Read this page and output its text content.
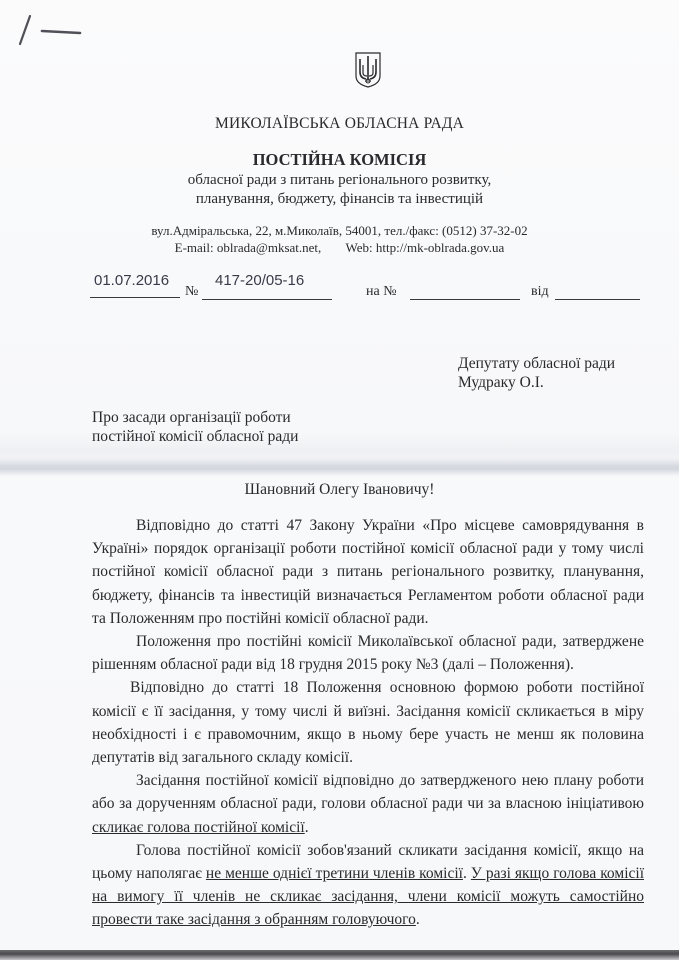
МИКОЛАЇВСЬКА ОБЛАСНА РАДА
ПОСТІЙНА КОМІСІЯ
обласної ради з питань регіонального розвитку,
планування, бюджету, фінансів та інвестицій
вул.Адміральська, 22, м.Миколаїв, 54001, тел./факс: (0512) 37-32-02
E-mail: oblrada@mksat.net, Web: http://mk-oblrada.gov.ua
01.07.2016
№
417-20/05-16
на №	від
Депутату обласної ради
Мудраку О.І.
Про засади організації роботи
постійної комісії обласної ради
Шановний Олегу Івановичу!

Відповідно до статті 47 Закону України «Про місцеве самоврядування в Україні» порядок організації роботи постійної комісії обласної ради у тому числі постійної комісії обласної ради з питань регіонального розвитку, планування, бюджету, фінансів та інвестицій визначається Регламентом роботи обласної ради та Положенням про постійні комісії обласної ради.

Положення про постійні комісії Миколаївської обласної ради, затверджене рішенням обласної ради від 18 грудня 2015 року №3 (далі – Положення).

Відповідно до статті 18 Положення основною формою роботи постійної комісії є її засідання, у тому числі й виїзні. Засідання комісії скликається в міру необхідності і є правомочним, якщо в ньому бере участь не менш як половина депутатів від загального складу комісії.

Засідання постійної комісії відповідно до затвердженого нею плану роботи або за дорученням обласної ради, голови обласної ради чи за власною ініціативою скликає голова постійної комісії.

Голова постійної комісії зобов'язаний скликати засідання комісії, якщо на цьому наполягає не менше однієї третини членів комісії. У разі якщо голова комісії на вимогу її членів не скликає засідання, члени комісії можуть самостійно провести таке засідання з обранням головуючого.
